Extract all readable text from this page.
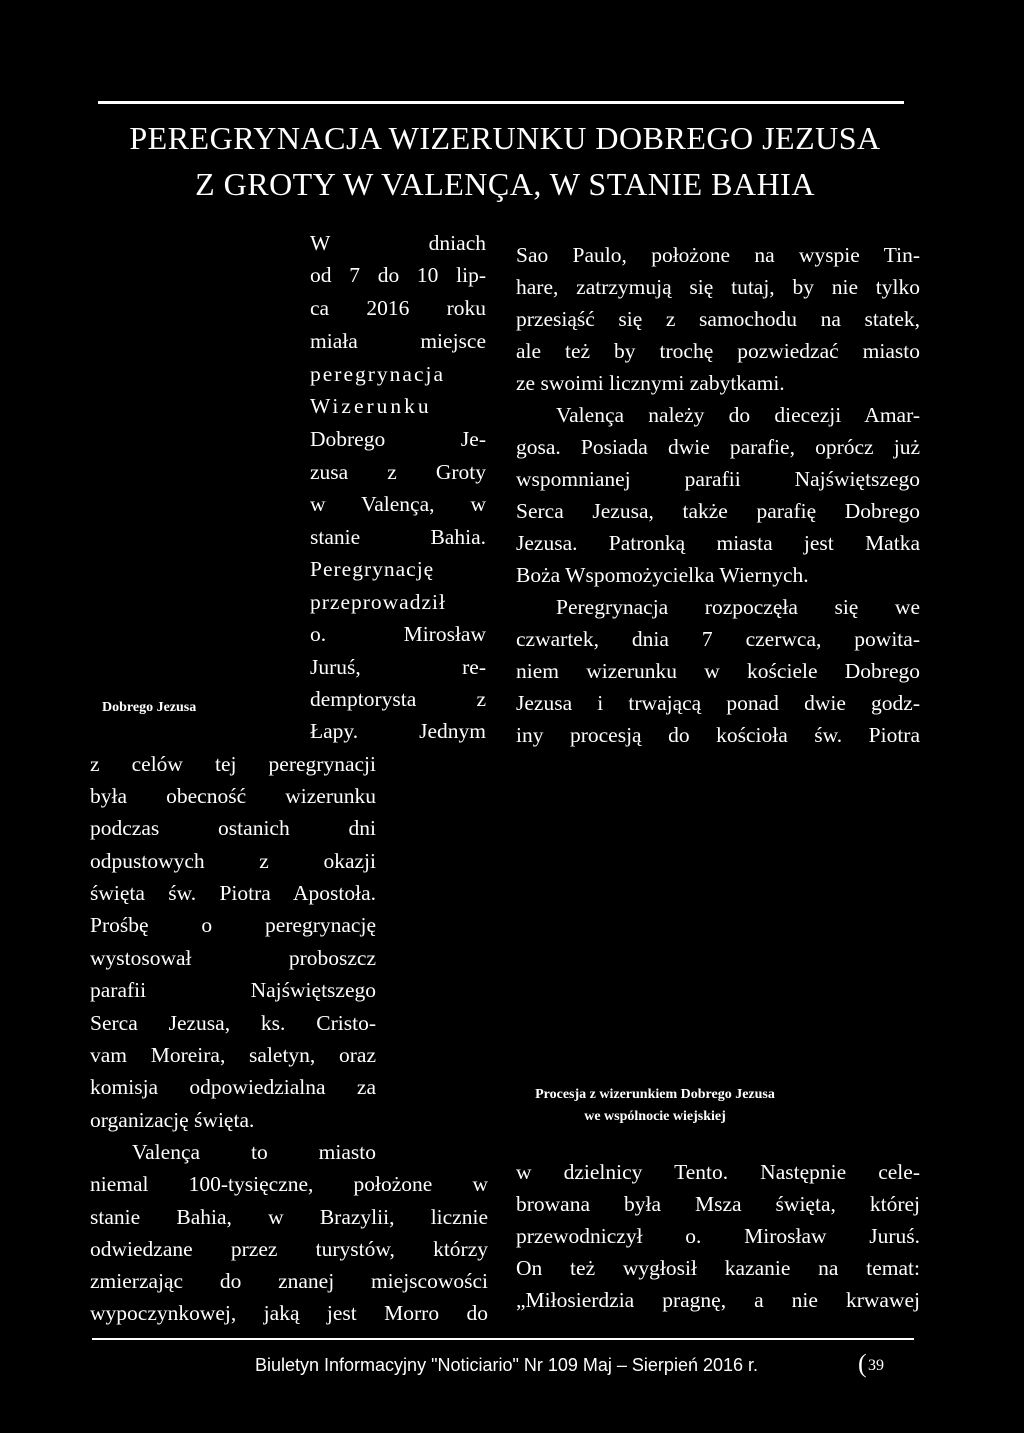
PEREGRYNACJA WIZERUNKU DOBREGO JEZUSA
Z GROTY W VALENÇA, W STANIE BAHIA
Dobrego Jezusa
W dniach
od 7 do 10 lip-
ca 2016 roku
miała miejsce
peregrynacja
Wizerunku
Dobrego Je-
zusa z Groty
w Valença, w
stanie Bahia.
Peregrynację
przeprowadził
o. Mirosław
Juruś, re-
demptorysta z
Łapy. Jednym
z celów tej peregrynacji
była obecność wizerunku
podczas ostanich dni
odpustowych z okazji
święta św. Piotra Apostoła.
Prośbę o peregrynację
wystosował proboszcz
parafii Najświętszego
Serca Jezusa, ks. Cristo-
vam Moreira, saletyn, oraz
komisja odpowiedzialna za
organizację święta.
Valença to miasto
niemal 100-tysięczne, położone w
stanie Bahia, w Brazylii, licznie
odwiedzane przez turystów, którzy
zmierzając do znanej miejscowości
wypoczynkowej, jaką jest Morro do
Sao Paulo, położone na wyspie Tin-
hare, zatrzymują się tutaj, by nie tylko
przesiąść się z samochodu na statek,
ale też by trochę pozwiedzać miasto
ze swoimi licznymi zabytkami.
Valença należy do diecezji Amar-
gosa. Posiada dwie parafie, oprócz już
wspomnianej parafii Najświętszego
Serca Jezusa, także parafię Dobrego
Jezusa. Patronką miasta jest Matka
Boża Wspomożycielka Wiernych.
Peregrynacja rozpoczęła się we
czwartek, dnia 7 czerwca, powita-
niem wizerunku w kościele Dobrego
Jezusa i trwającą ponad dwie godz-
iny procesją do kościoła św. Piotra
Procesja z wizerunkiem Dobrego Jezusa
we wspólnocie wiejskiej
w dzielnicy Tento. Następnie cele-
browana była Msza święta, której
przewodniczył o. Mirosław Juruś.
On też wygłosił kazanie na temat:
„Miłosierdzia pragnę, a nie krwawej
Biuletyn Informacyjny "Noticiario" Nr 109 Maj – Sierpień 2016 r.	( 39
